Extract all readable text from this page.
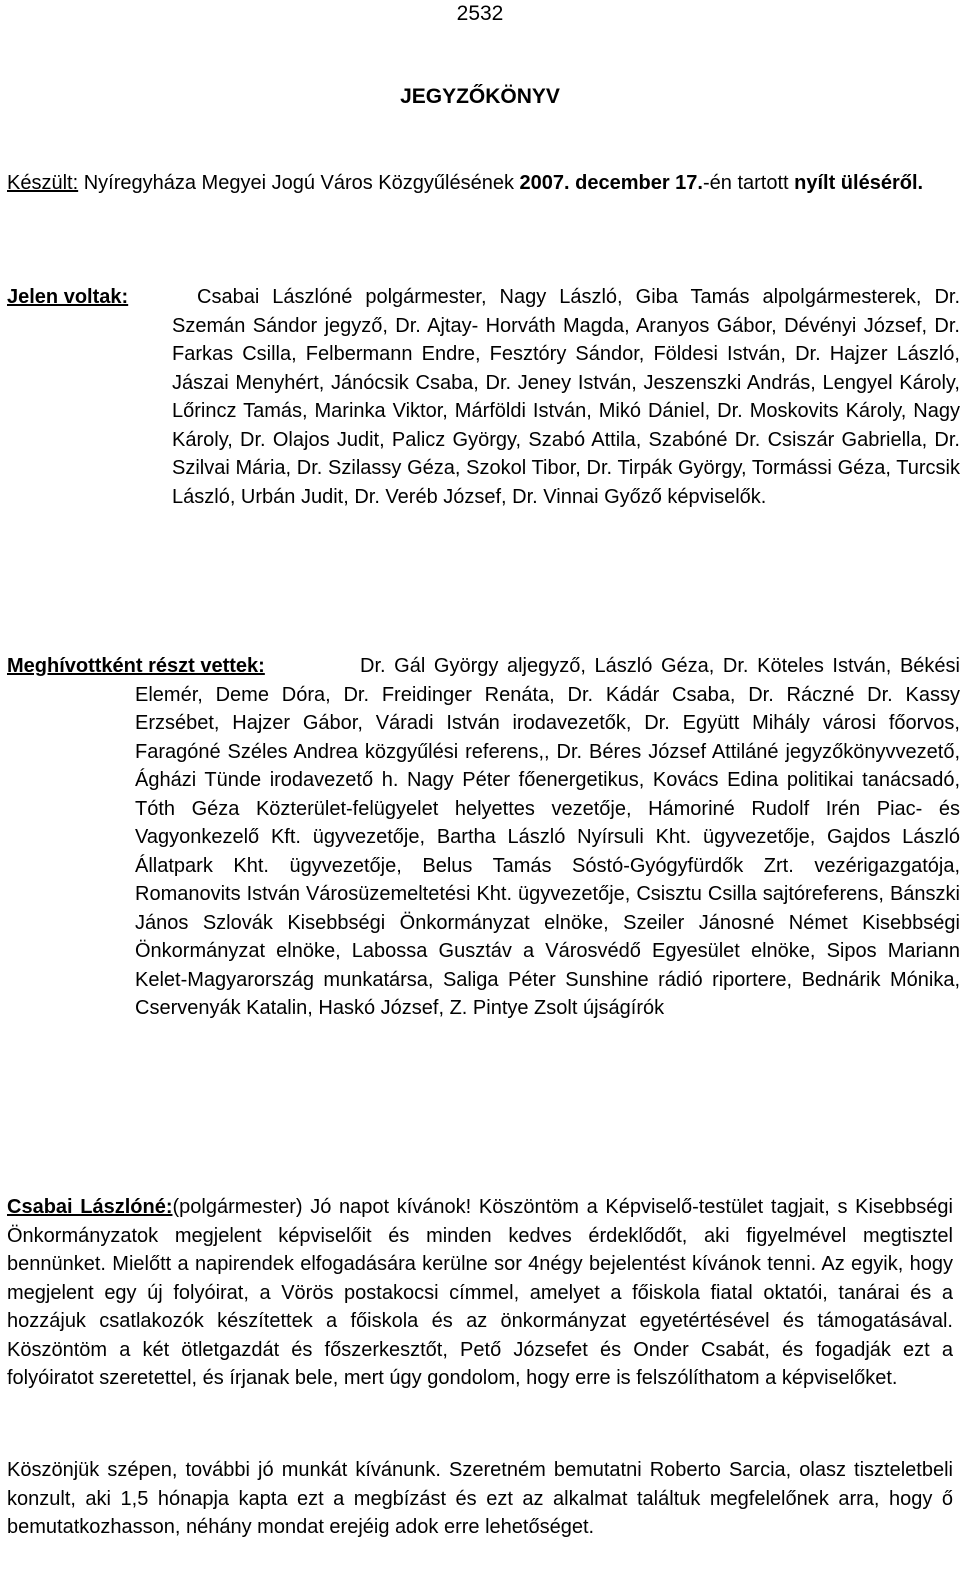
2532
JEGYZŐKÖNYV
Készült: Nyíregyháza Megyei Jogú Város Közgyűlésének 2007. december 17.-én tartott nyílt üléséről.
Jelen voltak:	Csabai Lászlóné polgármester, Nagy László, Giba Tamás alpolgármesterek, Dr. Szemán Sándor jegyző, Dr. Ajtay- Horváth Magda, Aranyos Gábor, Dévényi József, Dr. Farkas Csilla, Felbermann Endre, Fesztóry Sándor, Földesi István, Dr. Hajzer László, Jászai Menyhért, Jánócsik Csaba, Dr. Jeney István, Jeszenszki András, Lengyel Károly, Lőrincz Tamás, Marinka Viktor, Márföldi István, Mikó Dániel, Dr. Moskovits Károly, Nagy Károly, Dr. Olajos Judit, Palicz György, Szabó Attila, Szabóné Dr. Csiszár Gabriella, Dr. Szilvai Mária, Dr. Szilassy Géza, Szokol Tibor, Dr. Tirpák György, Tormássi Géza, Turcsik László, Urbán Judit, Dr. Veréb József, Dr. Vinnai Győző képviselők.
Meghívottként részt vettek:	Dr. Gál György aljegyző, László Géza, Dr. Köteles István, Békési Elemér, Deme Dóra, Dr. Freidinger Renáta, Dr. Kádár Csaba, Dr. Ráczné Dr. Kassy Erzsébet, Hajzer Gábor, Váradi István irodavezetők, Dr. Együtt Mihály városi főorvos, Faragóné Széles Andrea közgyűlési referens,, Dr. Béres József Attiláné jegyzőkönyvvezető, Ágházi Tünde irodavezető h. Nagy Péter főenergetikus, Kovács Edina politikai tanácsadó, Tóth Géza Közterület-felügyelet helyettes vezetője, Hámoriné Rudolf Irén Piac- és Vagyonkezelő Kft. ügyvezetője, Bartha László Nyírsuli Kht. ügyvezetője, Gajdos László Állatpark Kht. ügyvezetője, Belus Tamás Sóstó-Gyógyfürdők Zrt. vezérigazgatója, Romanovits István Városüzemeltetési Kht. ügyvezetője, Csisztu Csilla sajtóreferens, Bánszki János Szlovák Kisebbségi Önkormányzat elnöke, Szeiler Jánosné Német Kisebbségi Önkormányzat elnöke, Labossa Gusztáv a Városvédő Egyesület elnöke, Sipos Mariann Kelet-Magyarország munkatársa, Saliga Péter Sunshine rádió riportere, Bednárik Mónika, Cservenyák Katalin, Haskó József, Z. Pintye Zsolt újságírók
Csabai Lászlóné:(polgármester) Jó napot kívánok! Köszöntöm a Képviselő-testület tagjait, s Kisebbségi Önkormányzatok megjelent képviselőit és minden kedves érdeklődőt, aki figyelmével megtisztel bennünket. Mielőtt a napirendek elfogadására kerülne sor 4négy bejelentést kívánok tenni. Az egyik, hogy megjelent egy új folyóirat, a Vörös postakocsi címmel, amelyet a főiskola fiatal oktatói, tanárai és a hozzájuk csatlakozók készítettek a főiskola és az önkormányzat egyetértésével és támogatásával. Köszöntöm a két ötletgazdát és főszerkesztőt, Pető Józsefet és Onder Csabát, és fogadják ezt a folyóiratot szeretettel, és írjanak bele, mert úgy gondolom, hogy erre is felszólíthatom a képviselőket.
Köszönjük szépen, további jó munkát kívánunk. Szeretném bemutatni Roberto Sarcia, olasz tiszteletbeli konzult, aki 1,5 hónapja kapta ezt a megbízást és ezt az alkalmat találtuk megfelelőnek arra, hogy ő bemutatkozhasson, néhány mondat erejéig adok erre lehetőséget.
